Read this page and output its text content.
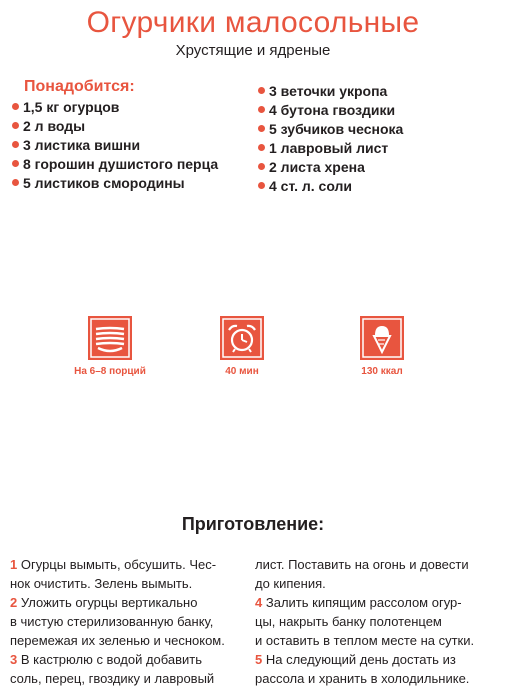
Огурчики малосольные
Хрустящие и ядреные
Понадобится:
1,5 кг огурцов
2 л воды
3 листика вишни
8 горошин душистого перца
5 листиков смородины
3 веточки укропа
4 бутона гвоздики
5 зубчиков чеснока
1 лавровый лист
2 листа хрена
4 ст. л. соли
На 6–8 порций	40 мин	130 ккал
Приготовление:
1 Огурцы вымыть, обсушить. Чес-
нок очистить. Зелень вымыть.
2 Уложить огурцы вертикально
в чистую стерилизованную банку,
перемежая их зеленью и чесноком.
3 В кастрюлю с водой добавить
соль, перец, гвоздику и лавровый
лист. Поставить на огонь и довести
до кипения.
4 Залить кипящим рассолом огур-
цы, накрыть банку полотенцем
и оставить в теплом месте на сутки.
5 На следующий день достать из
рассола и хранить в холодильнике.
